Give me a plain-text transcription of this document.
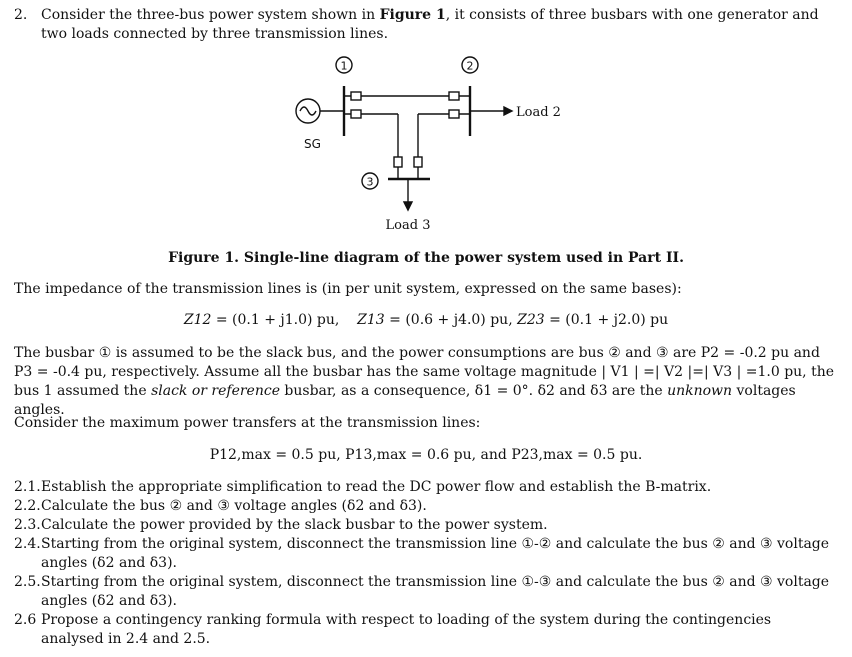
2. Consider the three-bus power system shown in Figure 1, it consists of three busbars with one generator and two loads connected by three transmission lines.
1	2
3
SG
Load 2
Load 3
Figure 1. Single-line diagram of the power system used in Part II.
The impedance of the transmission lines is (in per unit system, expressed on the same bases):
Z12 = (0.1 + j1.0) pu, Z13 = (0.6 + j4.0) pu, Z23 = (0.1 + j2.0) pu
The busbar ① is assumed to be the slack bus, and the power consumptions are bus ② and ③ are P2 = -0.2 pu and P3 = -0.4 pu, respectively. Assume all the busbar has the same voltage magnitude | V1 | =| V2 |=| V3 | =1.0 pu, the bus 1 assumed the slack or reference busbar, as a consequence, δ1 = 0°. δ2 and δ3 are the unknown voltages angles.
Consider the maximum power transfers at the transmission lines:
P12,max = 0.5 pu, P13,max = 0.6 pu, and P23,max = 0.5 pu.
2.1. Establish the appropriate simplification to read the DC power flow and establish the B-matrix.
2.2. Calculate the bus ② and ③ voltage angles (δ2 and δ3).
2.3. Calculate the power provided by the slack busbar to the power system.
2.4. Starting from the original system, disconnect the transmission line ①-② and calculate the bus ② and ③ voltage angles (δ2 and δ3).
2.5. Starting from the original system, disconnect the transmission line ①-③ and calculate the bus ② and ③ voltage angles (δ2 and δ3).
2.6 Propose a contingency ranking formula with respect to loading of the system during the contingencies analysed in 2.4 and 2.5.
